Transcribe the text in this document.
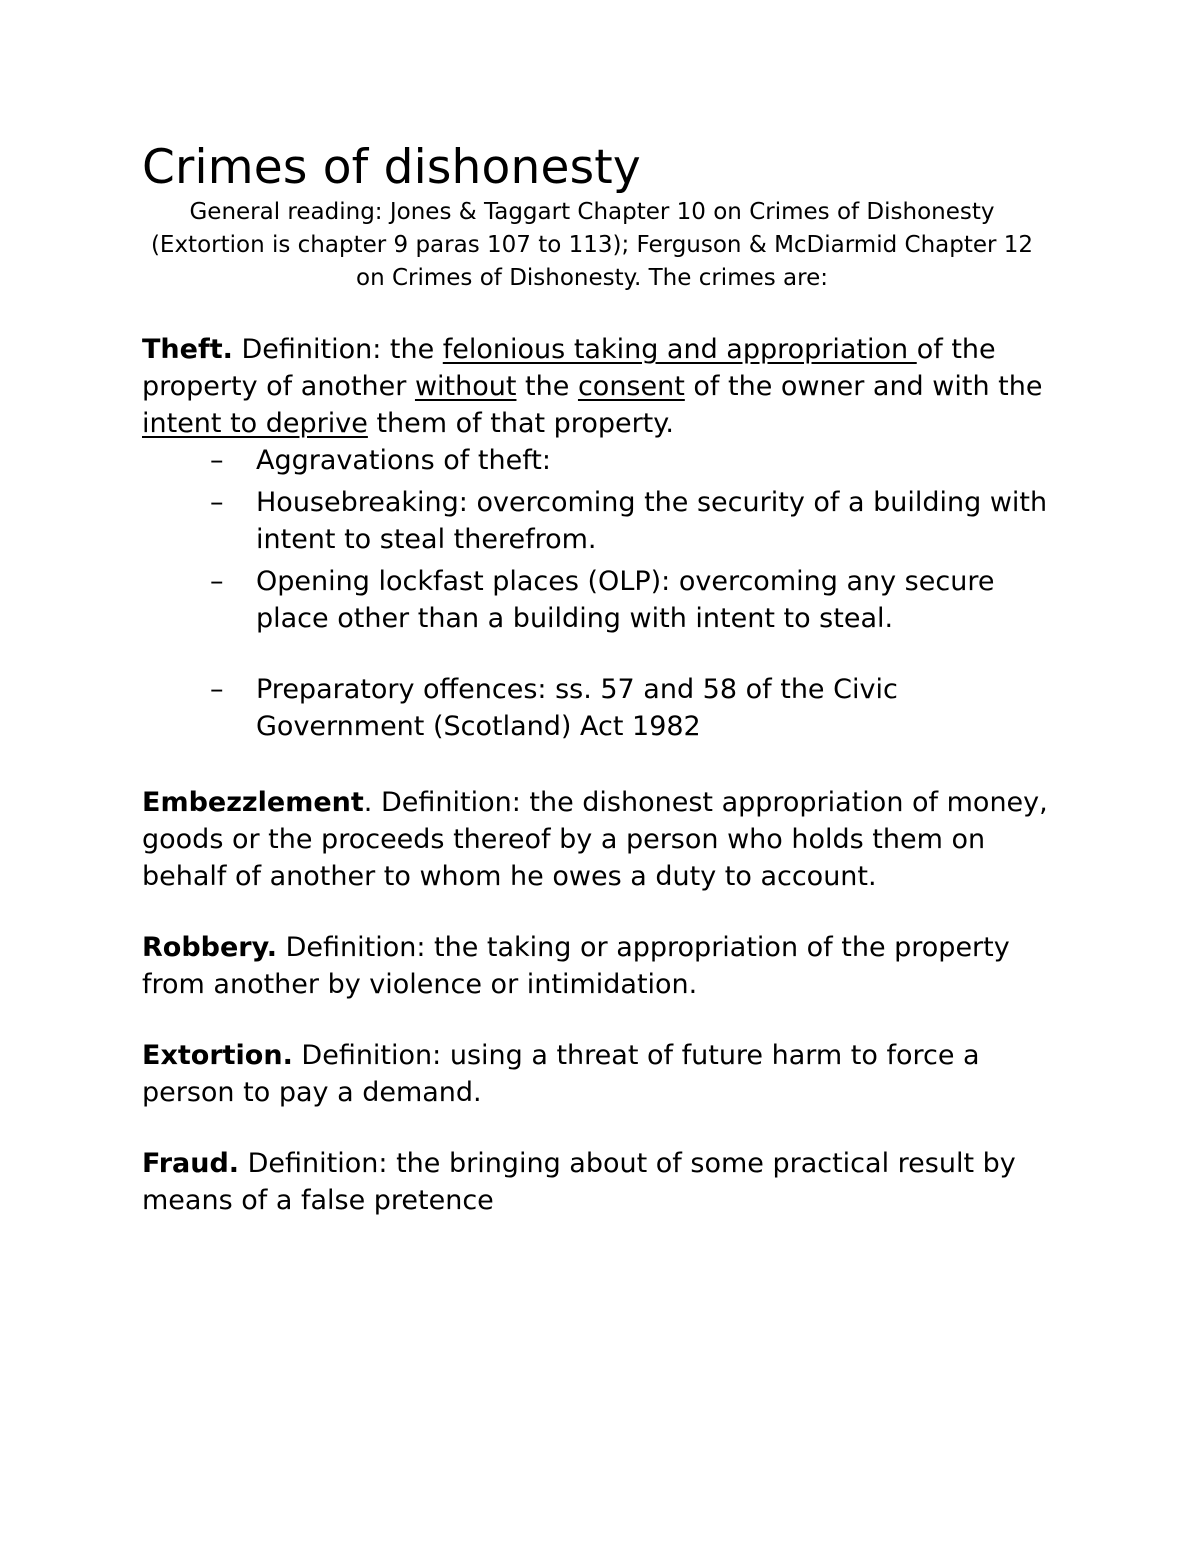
Crimes of dishonesty

General reading: Jones & Taggart Chapter 10 on Crimes of Dishonesty (Extortion is chapter 9 paras 107 to 113); Ferguson & McDiarmid Chapter 12 on Crimes of Dishonesty. The crimes are:

Theft. Definition: the felonious taking and appropriation of the property of another without the consent of the owner and with the intent to deprive them of that property.

– Aggravations of theft:
– Housebreaking: overcoming the security of a building with intent to steal therefrom.
– Opening lockfast places (OLP): overcoming any secure place other than a building with intent to steal.
– Preparatory offences: ss. 57 and 58 of the Civic Government (Scotland) Act 1982

Embezzlement. Definition: the dishonest appropriation of money, goods or the proceeds thereof by a person who holds them on behalf of another to whom he owes a duty to account.

Robbery. Definition: the taking or appropriation of the property from another by violence or intimidation.

Extortion. Definition: using a threat of future harm to force a person to pay a demand.

Fraud. Definition: the bringing about of some practical result by means of a false pretence
